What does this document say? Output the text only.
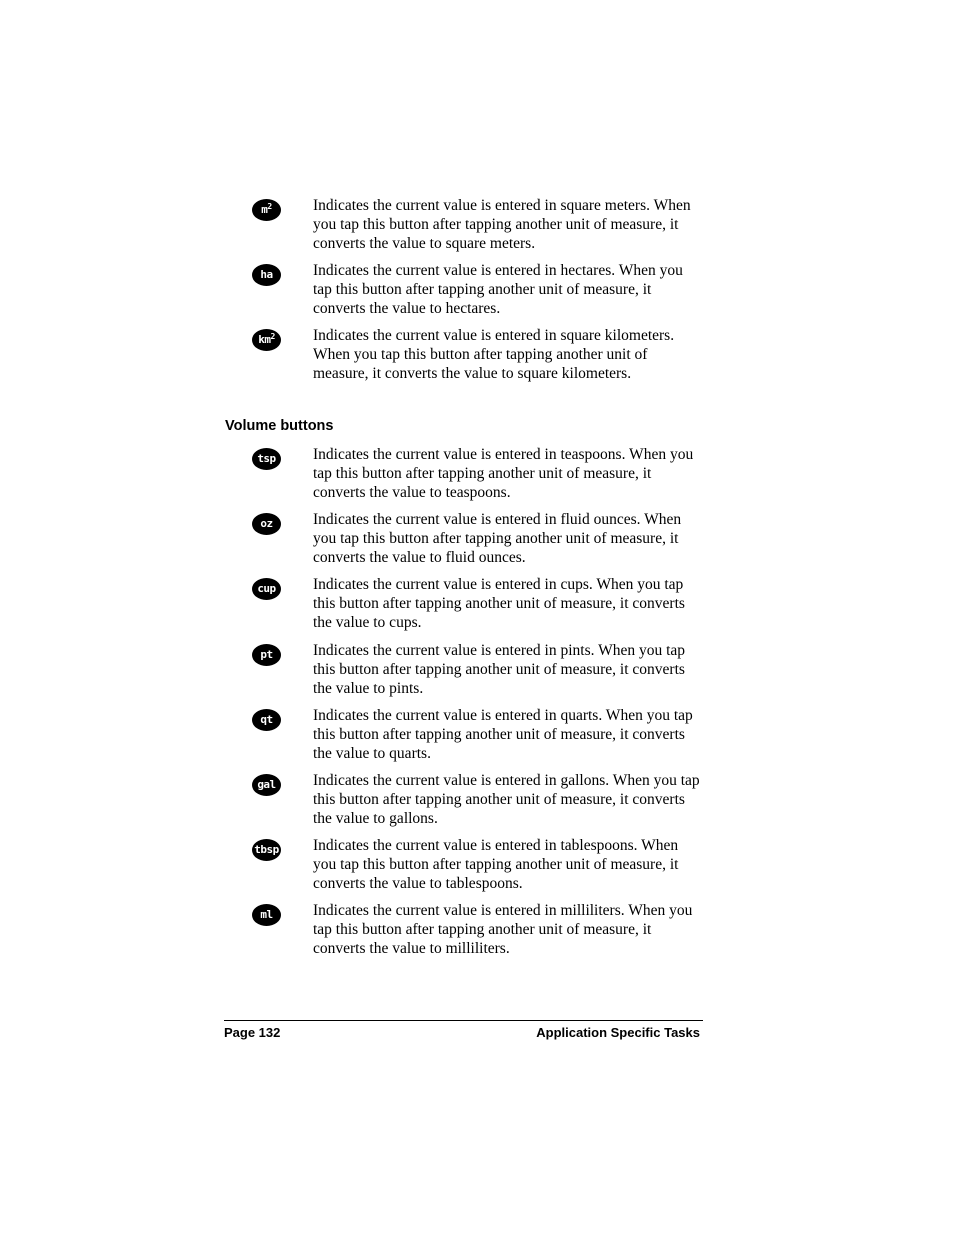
$m^2$	Indicates the current value is entered in square meters. When you tap this button after tapping another unit of measure, it converts the value to square meters.
ha	Indicates the current value is entered in hectares. When you tap this button after tapping another unit of measure, it converts the value to hectares.
$km^2$	Indicates the current value is entered in square kilometers. When you tap this button after tapping another unit of measure, it converts the value to square kilometers.
Volume buttons
tsp	Indicates the current value is entered in teaspoons. When you tap this button after tapping another unit of measure, it converts the value to teaspoons.
oz	Indicates the current value is entered in fluid ounces. When you tap this button after tapping another unit of measure, it converts the value to fluid ounces.
cup	Indicates the current value is entered in cups. When you tap this button after tapping another unit of measure, it converts the value to cups.
pt	Indicates the current value is entered in pints. When you tap this button after tapping another unit of measure, it converts the value to pints.
qt	Indicates the current value is entered in quarts. When you tap this button after tapping another unit of measure, it converts the value to quarts.
gal	Indicates the current value is entered in gallons. When you tap this button after tapping another unit of measure, it converts the value to gallons.
tbsp Indicates the current value is entered in tablespoons. When you tap this button after tapping another unit of measure, it converts the value to tablespoons.
ml	Indicates the current value is entered in milliliters. When you tap this button after tapping another unit of measure, it converts the value to milliliters.
Page 132	Application Specific Tasks
